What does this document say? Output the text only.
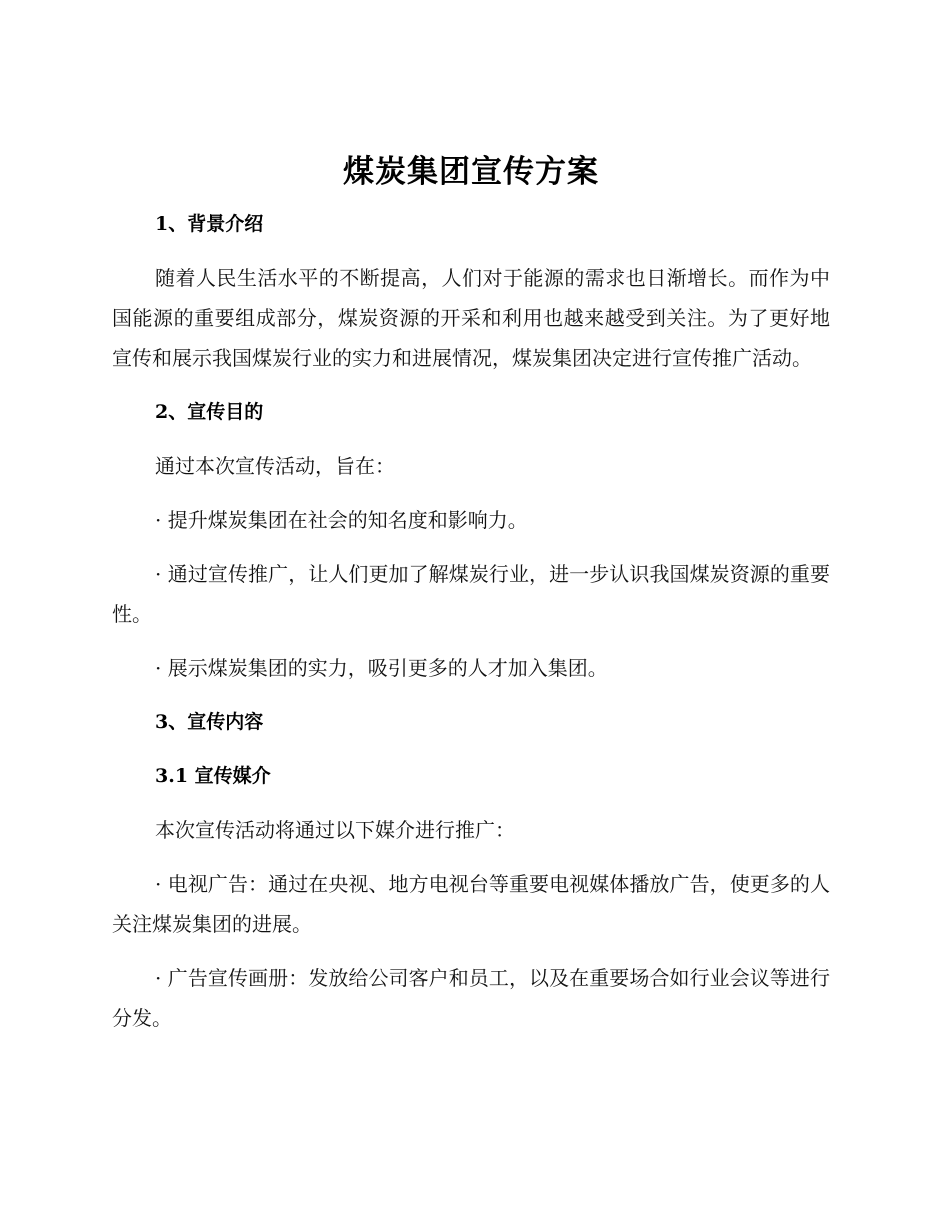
煤炭集团宣传方案
1、背景介绍

随着人民生活水平的不断提高，人们对于能源的需求也日渐增长。而作为中国能源的重要组成部分，煤炭资源的开采和利用也越来越受到关注。为了更好地宣传和展示我国煤炭行业的实力和进展情况，煤炭集团决定进行宣传推广活动。

2、宣传目的

通过本次宣传活动，旨在：

· 提升煤炭集团在社会的知名度和影响力。

· 通过宣传推广，让人们更加了解煤炭行业，进一步认识我国煤炭资源的重要性。

· 展示煤炭集团的实力，吸引更多的人才加入集团。

3、宣传内容
3.1 宣传媒介

本次宣传活动将通过以下媒介进行推广：

· 电视广告：通过在央视、地方电视台等重要电视媒体播放广告，使更多的人关注煤炭集团的进展。

· 广告宣传画册：发放给公司客户和员工，以及在重要场合如行业会议等进行分发。
